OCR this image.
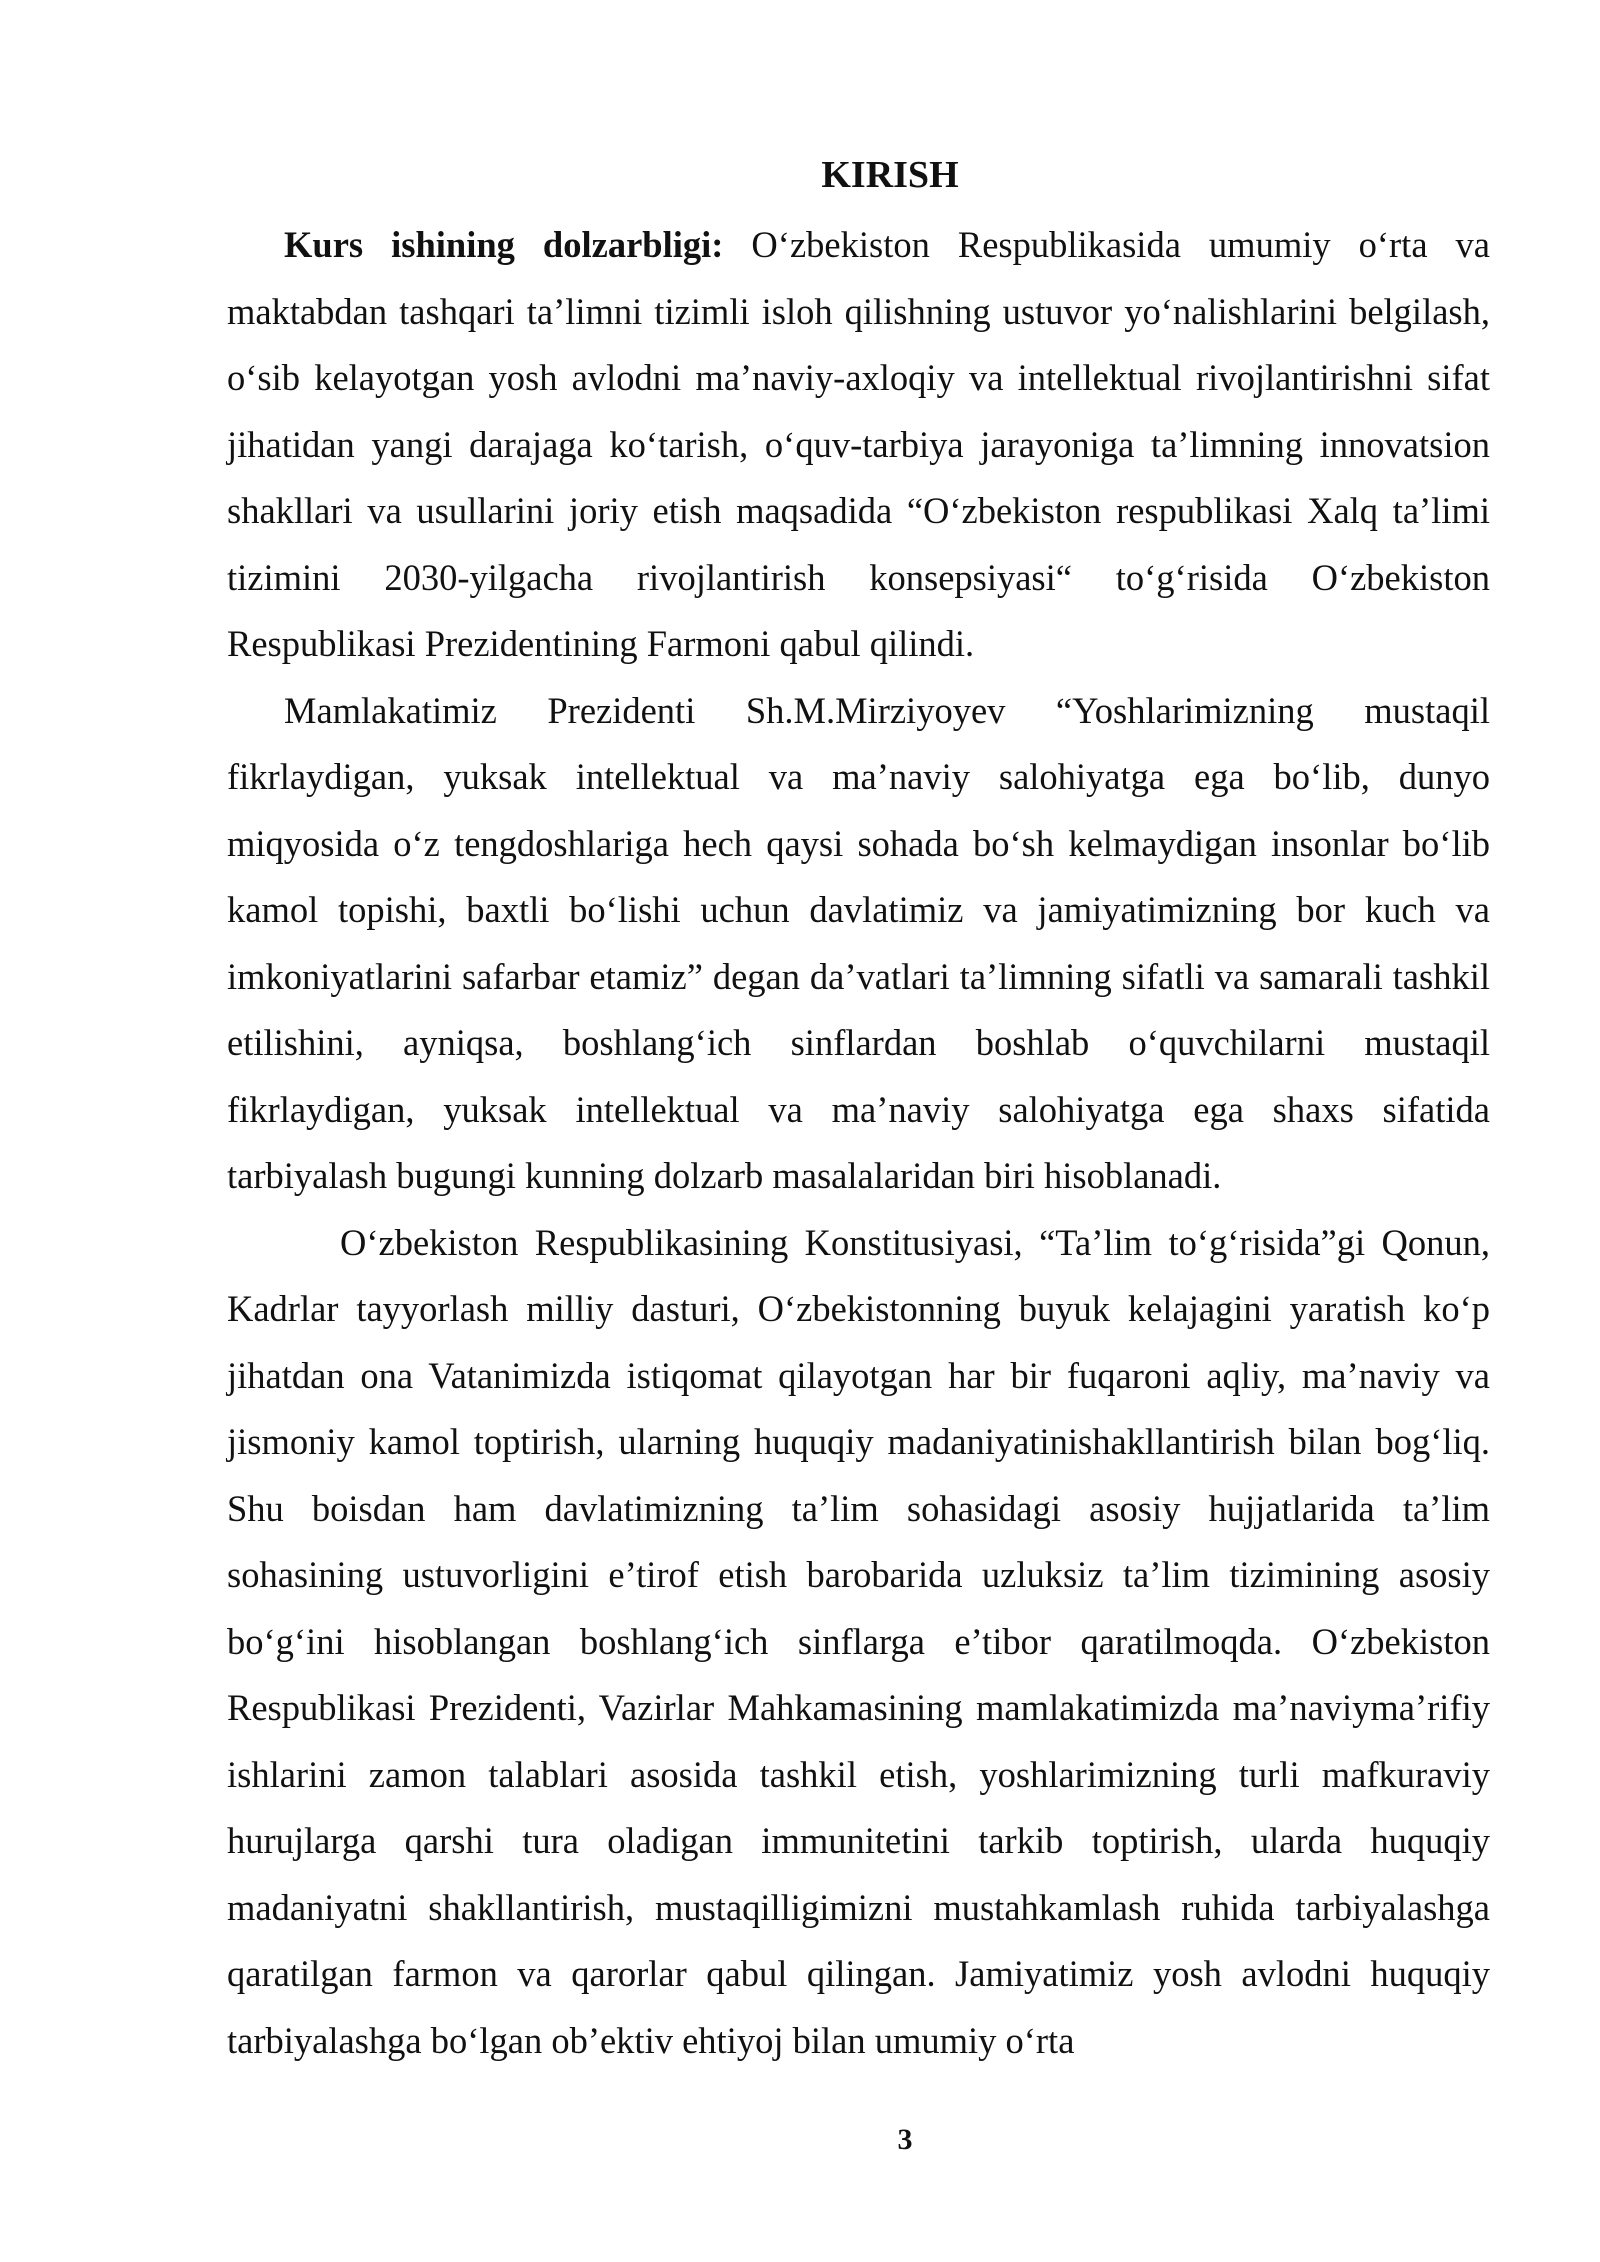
KIRISH

Kurs ishining dolzarbligi: O‘zbekiston Respublikasida umumiy o‘rta va maktabdan tashqari ta’limni tizimli isloh qilishning ustuvor yo‘nalishlarini belgilash, o‘sib kelayotgan yosh avlodni ma’naviy-axloqiy va intellektual rivojlantirishni sifat jihatidan yangi darajaga ko‘tarish, o‘quv-tarbiya jarayoniga ta’limning innovatsion shakllari va usullarini joriy etish maqsadida “O‘zbekiston respublikasi Xalq ta’limi tizimini 2030-yilgacha rivojlantirish konsepsiyasi“ to‘g‘risida O‘zbekiston Respublikasi Prezidentining Farmoni qabul qilindi.

Mamlakatimiz Prezidenti Sh.M.Mirziyoyev “Yoshlarimizning mustaqil fikrlaydigan, yuksak intellektual va ma’naviy salohiyatga ega bo‘lib, dunyo miqyosida o‘z tengdoshlariga hech qaysi sohada bo‘sh kelmaydigan insonlar bo‘lib kamol topishi, baxtli bo‘lishi uchun davlatimiz va jamiyatimizning bor kuch va imkoniyatlarini safarbar etamiz” degan da’vatlari ta’limning sifatli va samarali tashkil etilishini, ayniqsa, boshlang‘ich sinflardan boshlab o‘quvchilarni mustaqil fikrlaydigan, yuksak intellektual va ma’naviy salohiyatga ega shaxs sifatida tarbiyalash bugungi kunning dolzarb masalalaridan biri hisoblanadi.

O‘zbekiston Respublikasining Konstitusiyasi, “Ta’lim to‘g‘risida”gi Qonun, Kadrlar tayyorlash milliy dasturi, O‘zbekistonning buyuk kelajagini yaratish ko‘p jihatdan ona Vatanimizda istiqomat qilayotgan har bir fuqaroni aqliy, ma’naviy va jismoniy kamol toptirish, ularning huquqiy madaniyatinishakllantirish bilan bog‘liq. Shu boisdan ham davlatimizning ta’lim sohasidagi asosiy hujjatlarida ta’lim sohasining ustuvorligini e’tirof etish barobarida uzluksiz ta’lim tizimining asosiy bo‘g‘ini hisoblangan boshlang‘ich sinflarga e’tibor qaratilmoqda. O‘zbekiston Respublikasi Prezidenti, Vazirlar Mahkamasining mamlakatimizda ma’naviyma’rifiy ishlarini zamon talablari asosida tashkil etish, yoshlarimizning turli mafkuraviy hurujlarga qarshi tura oladigan immunitetini tarkib toptirish, ularda huquqiy madaniyatni shakllantirish, mustaqilligimizni mustahkamlash ruhida tarbiyalashga qaratilgan farmon va qarorlar qabul qilingan. Jamiyatimiz yosh avlodni huquqiy tarbiyalashga bo‘lgan ob’ektiv ehtiyoj bilan umumiy o‘rta

3
